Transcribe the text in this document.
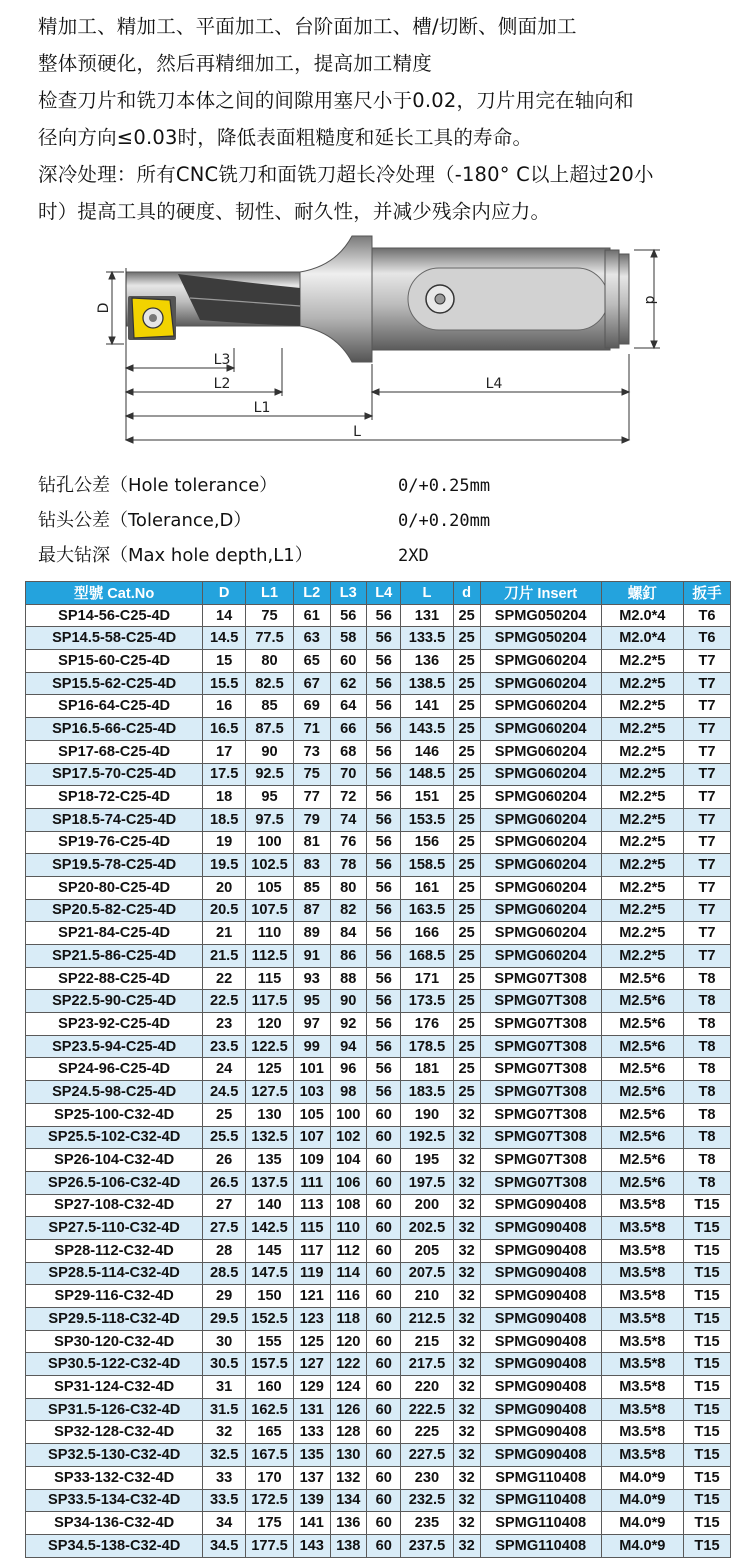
精加工、精加工、平面加工、台阶面加工、槽/切断、侧面加工

整体预硬化，然后再精细加工，提高加工精度

检查刀片和铣刀本体之间的间隙用塞尺小于0.02，刀片用完在轴向和

径向方向≤0.03时，降低表面粗糙度和延长工具的寿命。

深冷处理：所有CNC铣刀和面铣刀超长冷处理（-180° C以上超过20小

时）提高工具的硬度、韧性、耐久性，并减少残余内应力。

D
d
L3
L2
L1
L4
L
钻孔公差（Hole tolerance）	0/+0.25mm
钻头公差（Tolerance,D）	0/+0.20mm
最大钻深（Max hole depth,L1）	2XD
型號 Cat.No	D	L1	L2	L3	L4	L	d	刀片 Insert	螺釘	扳手
SP14-56-C25-4D	14	75	61	56	56	131	25	SPMG050204	M2.0*4	T6
SP14.5-58-C25-4D	14.5	77.5	63	58	56	133.5	25	SPMG050204	M2.0*4	T6
SP15-60-C25-4D	15	80	65	60	56	136	25	SPMG060204	M2.2*5	T7
SP15.5-62-C25-4D	15.5	82.5	67	62	56	138.5	25	SPMG060204	M2.2*5	T7
SP16-64-C25-4D	16	85	69	64	56	141	25	SPMG060204	M2.2*5	T7
SP16.5-66-C25-4D	16.5	87.5	71	66	56	143.5	25	SPMG060204	M2.2*5	T7
SP17-68-C25-4D	17	90	73	68	56	146	25	SPMG060204	M2.2*5	T7
SP17.5-70-C25-4D	17.5	92.5	75	70	56	148.5	25	SPMG060204	M2.2*5	T7
SP18-72-C25-4D	18	95	77	72	56	151	25	SPMG060204	M2.2*5	T7
SP18.5-74-C25-4D	18.5	97.5	79	74	56	153.5	25	SPMG060204	M2.2*5	T7
SP19-76-C25-4D	19	100	81	76	56	156	25	SPMG060204	M2.2*5	T7
SP19.5-78-C25-4D	19.5	102.5	83	78	56	158.5	25	SPMG060204	M2.2*5	T7
SP20-80-C25-4D	20	105	85	80	56	161	25	SPMG060204	M2.2*5	T7
SP20.5-82-C25-4D	20.5	107.5	87	82	56	163.5	25	SPMG060204	M2.2*5	T7
SP21-84-C25-4D	21	110	89	84	56	166	25	SPMG060204	M2.2*5	T7
SP21.5-86-C25-4D	21.5	112.5	91	86	56	168.5	25	SPMG060204	M2.2*5	T7
SP22-88-C25-4D	22	115	93	88	56	171	25	SPMG07T308	M2.5*6	T8
SP22.5-90-C25-4D	22.5	117.5	95	90	56	173.5	25	SPMG07T308	M2.5*6	T8
SP23-92-C25-4D	23	120	97	92	56	176	25	SPMG07T308	M2.5*6	T8
SP23.5-94-C25-4D	23.5	122.5	99	94	56	178.5	25	SPMG07T308	M2.5*6	T8
SP24-96-C25-4D	24	125	101	96	56	181	25	SPMG07T308	M2.5*6	T8
SP24.5-98-C25-4D	24.5	127.5	103	98	56	183.5	25	SPMG07T308	M2.5*6	T8
SP25-100-C32-4D	25	130	105	100	60	190	32	SPMG07T308	M2.5*6	T8
SP25.5-102-C32-4D	25.5	132.5	107	102	60	192.5	32	SPMG07T308	M2.5*6	T8
SP26-104-C32-4D	26	135	109	104	60	195	32	SPMG07T308	M2.5*6	T8
SP26.5-106-C32-4D	26.5	137.5	111	106	60	197.5	32	SPMG07T308	M2.5*6	T8
SP27-108-C32-4D	27	140	113	108	60	200	32	SPMG090408	M3.5*8	T15
SP27.5-110-C32-4D	27.5	142.5	115	110	60	202.5	32	SPMG090408	M3.5*8	T15
SP28-112-C32-4D	28	145	117	112	60	205	32	SPMG090408	M3.5*8	T15
SP28.5-114-C32-4D	28.5	147.5	119	114	60	207.5	32	SPMG090408	M3.5*8	T15
SP29-116-C32-4D	29	150	121	116	60	210	32	SPMG090408	M3.5*8	T15
SP29.5-118-C32-4D	29.5	152.5	123	118	60	212.5	32	SPMG090408	M3.5*8	T15
SP30-120-C32-4D	30	155	125	120	60	215	32	SPMG090408	M3.5*8	T15
SP30.5-122-C32-4D	30.5	157.5	127	122	60	217.5	32	SPMG090408	M3.5*8	T15
SP31-124-C32-4D	31	160	129	124	60	220	32	SPMG090408	M3.5*8	T15
SP31.5-126-C32-4D	31.5	162.5	131	126	60	222.5	32	SPMG090408	M3.5*8	T15
SP32-128-C32-4D	32	165	133	128	60	225	32	SPMG090408	M3.5*8	T15
SP32.5-130-C32-4D	32.5	167.5	135	130	60	227.5	32	SPMG090408	M3.5*8	T15
SP33-132-C32-4D	33	170	137	132	60	230	32	SPMG110408	M4.0*9	T15
SP33.5-134-C32-4D	33.5	172.5	139	134	60	232.5	32	SPMG110408	M4.0*9	T15
SP34-136-C32-4D	34	175	141	136	60	235	32	SPMG110408	M4.0*9	T15
SP34.5-138-C32-4D	34.5	177.5	143	138	60	237.5	32	SPMG110408	M4.0*9	T15
